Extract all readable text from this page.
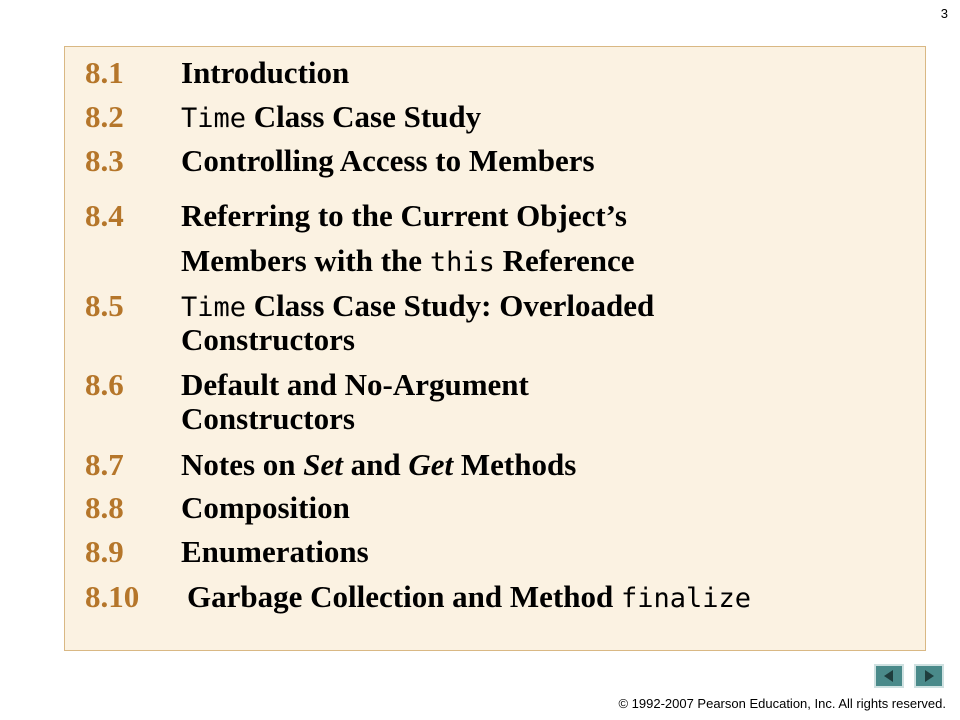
3
8.1	Introduction
8.2	Time Class Case Study
8.3	Controlling Access to Members
8.4	Referring to the Current Object’s
Members with the this Reference
8.5	Time Class Case Study: Overloaded
Constructors
8.6	Default and No-Argument
Constructors
8.7	Notes on Set and Get Methods
8.8	Composition
8.9	Enumerations
8.10	Garbage Collection and Method finalize
© 1992-2007 Pearson Education, Inc. All rights reserved.
